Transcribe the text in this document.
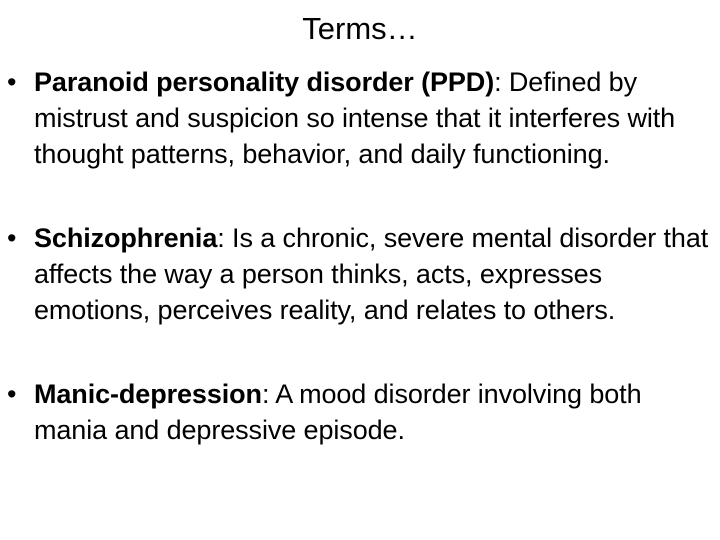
Terms…
• Paranoid personality disorder (PPD): Defined by mistrust and suspicion so intense that it interferes with thought patterns, behavior, and daily functioning.
• Schizophrenia: Is a chronic, severe mental disorder that affects the way a person thinks, acts, expresses emotions, perceives reality, and relates to others.
• Manic-depression: A mood disorder involving both mania and depressive episode.
